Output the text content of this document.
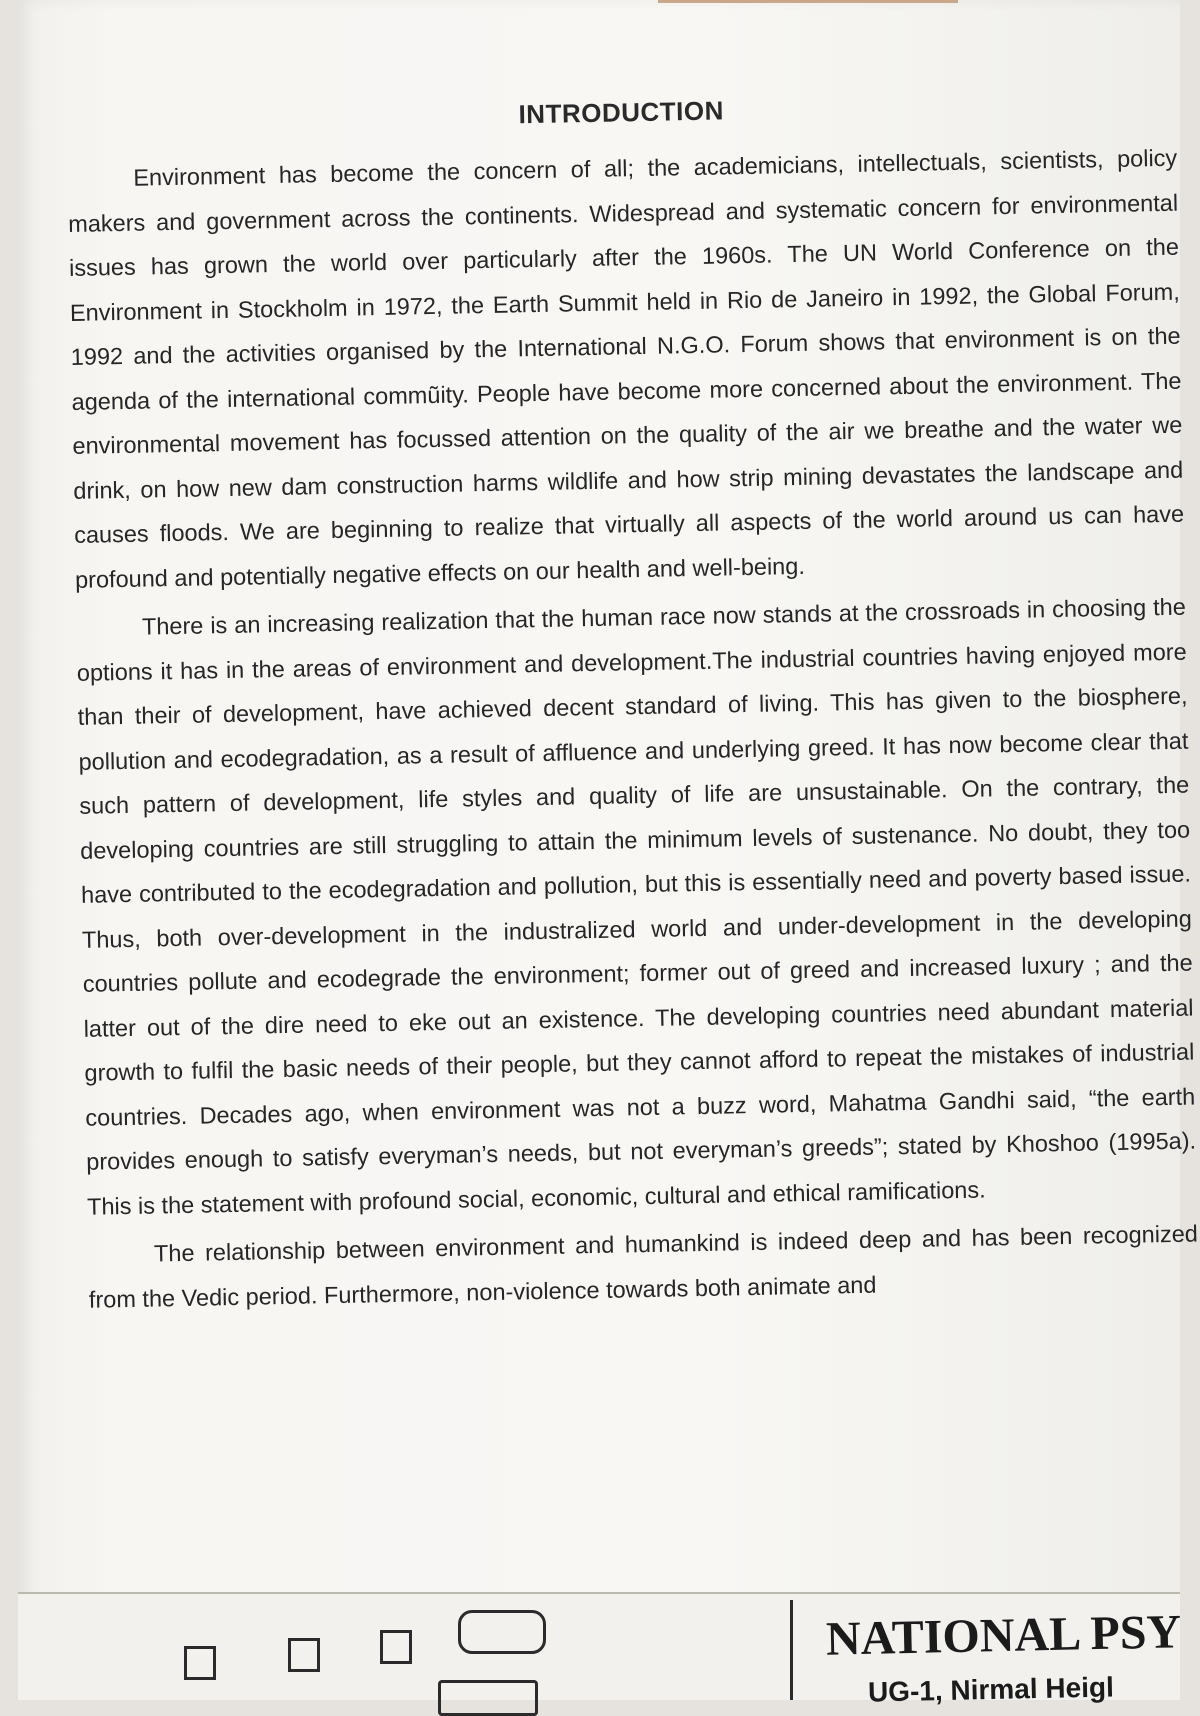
INTRODUCTION

Environment has become the concern of all; the academicians, intellectuals, scientists, policy makers and government across the continents. Widespread and systematic concern for environmental issues has grown the world over particularly after the 1960s. The UN World Conference on the Environment in Stockholm in 1972, the Earth Summit held in Rio de Janeiro in 1992, the Global Forum, 1992 and the activities organised by the International N.G.O. Forum shows that environment is on the agenda of the international commũity. People have become more concerned about the environment. The environmental movement has focussed attention on the quality of the air we breathe and the water we drink, on how new dam construction harms wildlife and how strip mining devastates the landscape and causes floods. We are beginning to realize that virtually all aspects of the world around us can have profound and potentially negative effects on our health and well-being.

There is an increasing realization that the human race now stands at the crossroads in choosing the options it has in the areas of environment and development.The industrial countries having enjoyed more than their of development, have achieved decent standard of living. This has given to the biosphere, pollution and ecodegradation, as a result of affluence and underlying greed. It has now become clear that such pattern of development, life styles and quality of life are unsustainable. On the contrary, the developing countries are still struggling to attain the minimum levels of sustenance. No doubt, they too have contributed to the ecodegradation and pollution, but this is essentially need and poverty based issue. Thus, both over-development in the industralized world and under-development in the developing countries pollute and ecodegrade the environment; former out of greed and increased luxury ; and the latter out of the dire need to eke out an existence. The developing countries need abundant material growth to fulfil the basic needs of their people, but they cannot afford to repeat the mistakes of industrial countries. Decades ago, when environment was not a buzz word, Mahatma Gandhi said, “the earth provides enough to satisfy everyman’s needs, but not everyman’s greeds”; stated by Khoshoo (1995a). This is the statement with profound social, economic, cultural and ethical ramifications.

The relationship between environment and humankind is indeed deep and has been recognized from the Vedic period. Furthermore, non-violence towards both animate and

NATIONAL PSY
UG-1, Nirmal Heigl
